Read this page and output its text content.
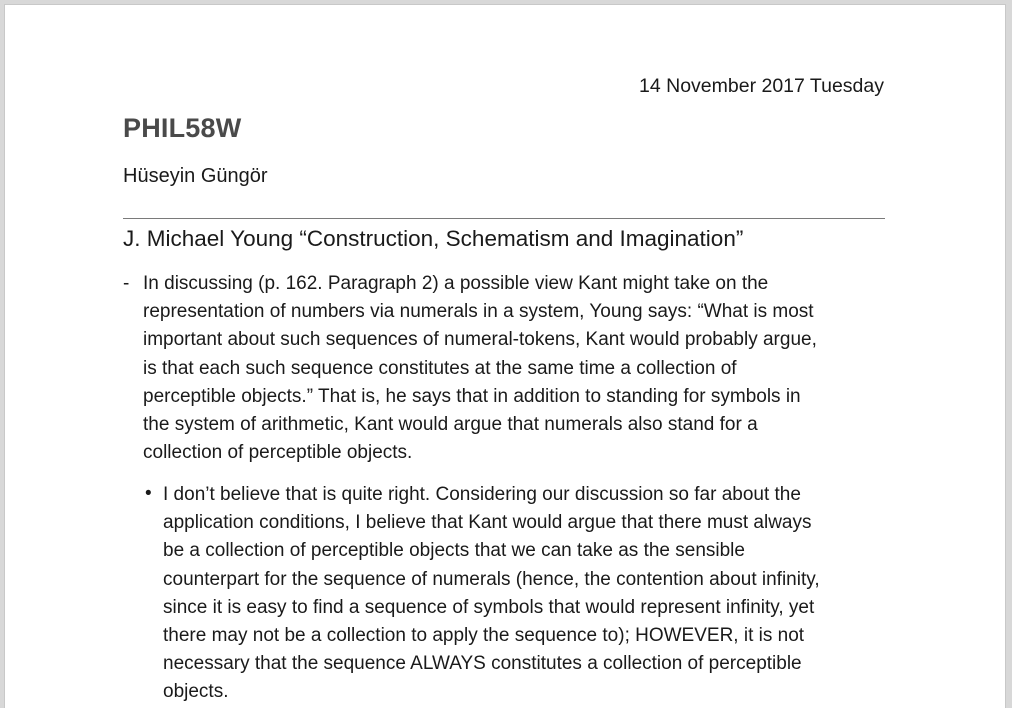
14 November 2017 Tuesday
PHIL58W
Hüseyin Güngör
J. Michael Young “Construction, Schematism and Imagination”
- In discussing (p. 162. Paragraph 2) a possible view Kant might take on the
representation of numbers via numerals in a system, Young says: “What is most
important about such sequences of numeral-tokens, Kant would probably argue,
is that each such sequence constitutes at the same time a collection of
perceptible objects.” That is, he says that in addition to standing for symbols in
the system of arithmetic, Kant would argue that numerals also stand for a
collection of perceptible objects.
• I don’t believe that is quite right. Considering our discussion so far about the
application conditions, I believe that Kant would argue that there must always
be a collection of perceptible objects that we can take as the sensible
counterpart for the sequence of numerals (hence, the contention about infinity,
since it is easy to find a sequence of symbols that would represent infinity, yet
there may not be a collection to apply the sequence to); HOWEVER, it is not
necessary that the sequence ALWAYS constitutes a collection of perceptible
objects.
